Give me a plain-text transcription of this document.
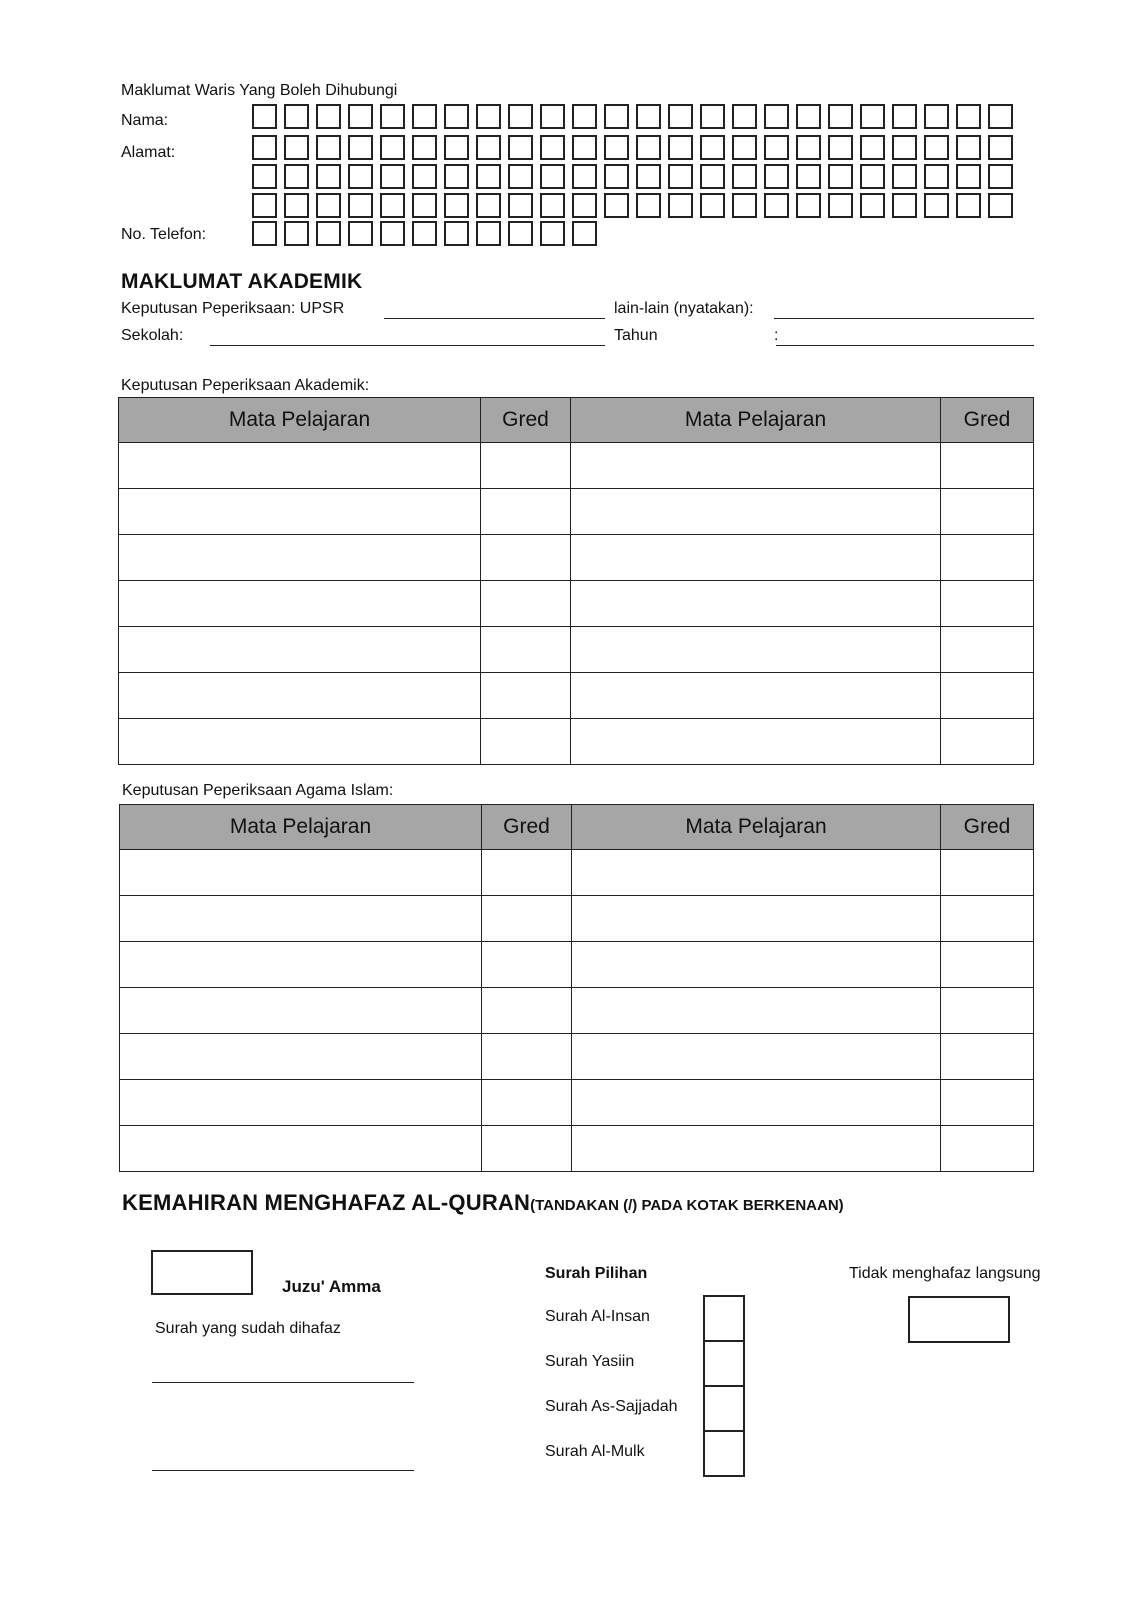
Maklumat Waris Yang Boleh Dihubungi
Nama:
Alamat:
No. Telefon:
MAKLUMAT AKADEMIK
Keputusan Peperiksaan: UPSR	lain-lain (nyatakan):
Sekolah:	Tahun	:
Keputusan Peperiksaan Akademik:
Mata Pelajaran	Gred	Mata Pelajaran	Gred

Keputusan Peperiksaan Agama Islam:
Mata Pelajaran	Gred	Mata Pelajaran	Gred

KEMAHIRAN MENGHAFAZ AL-QURAN(TANDAKAN (/) PADA KOTAK BERKENAAN)
Juzu' Amma
Surah yang sudah dihafaz
Surah Pilihan
Surah Al-Insan
Surah Yasiin
Surah As-Sajjadah
Surah Al-Mulk
Tidak menghafaz langsung
